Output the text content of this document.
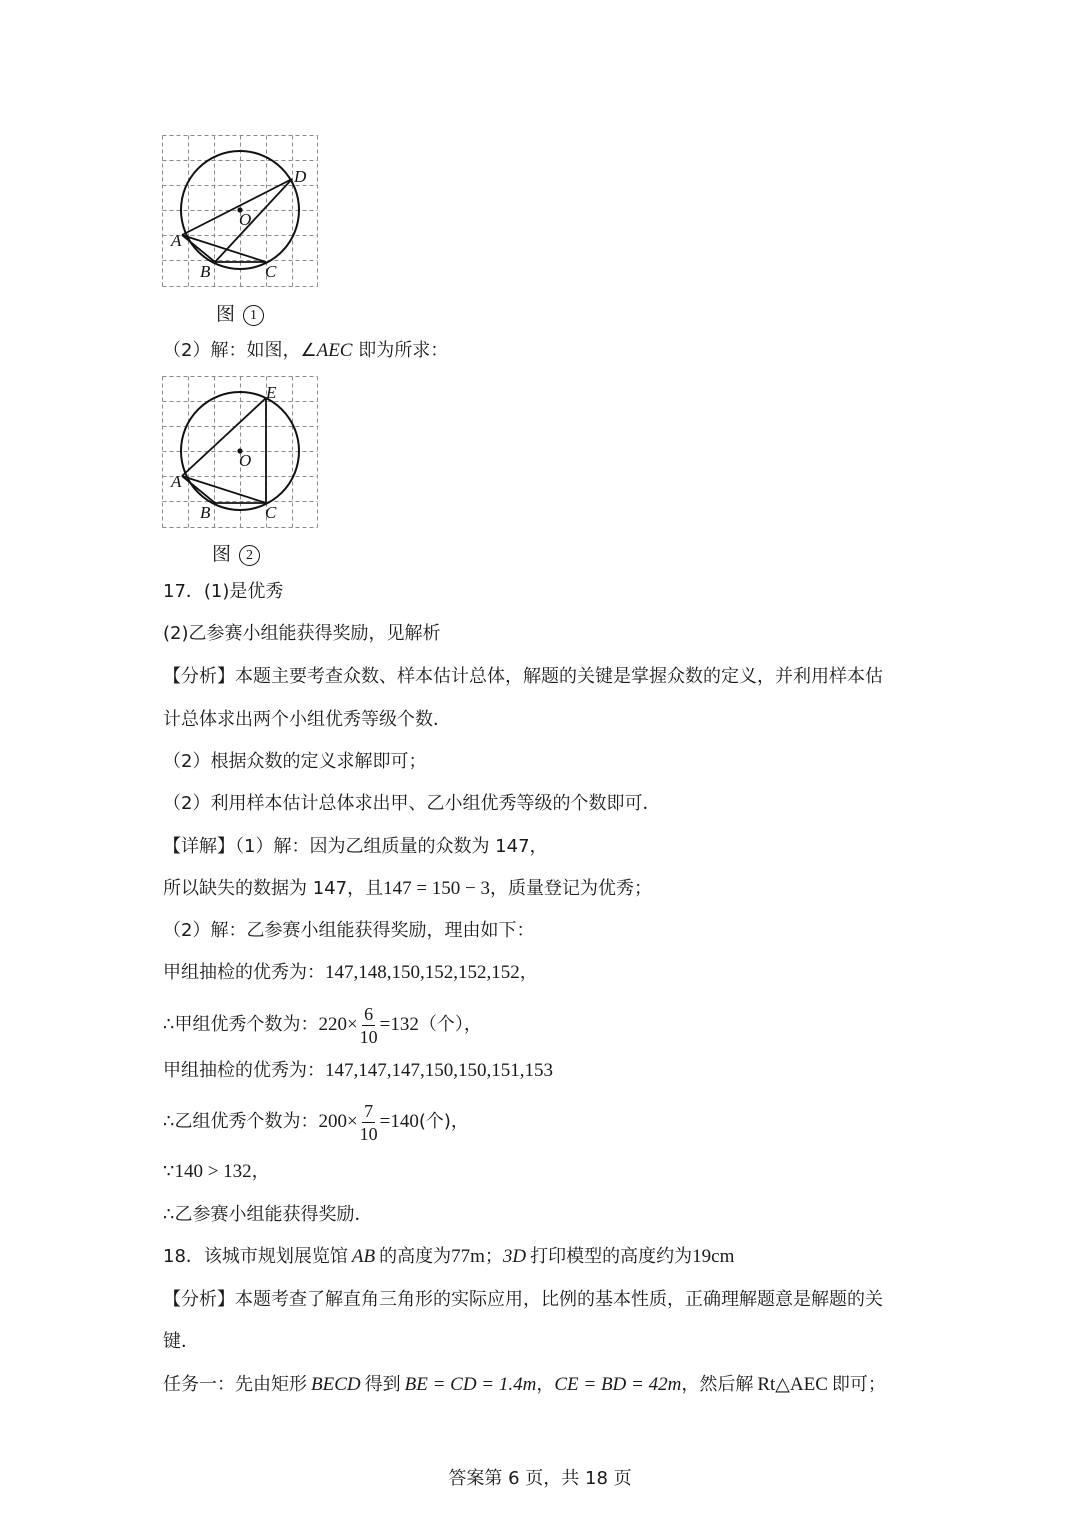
D
O
A
B	C
图 1
（2）解：如图，∠AEC 即为所求：
E
O
A
B	C
图 2
17．(1)是优秀
(2)乙参赛小组能获得奖励，见解析
【分析】本题主要考查众数、样本估计总体，解题的关键是掌握众数的定义，并利用样本估
计总体求出两个小组优秀等级个数．
（2）根据众数的定义求解即可；
（2）利用样本估计总体求出甲、乙小组优秀等级的个数即可．
【详解】（1）解：因为乙组质量的众数为 147，
所以缺失的数据为 147，且147 = 150 − 3，质量登记为优秀；
（2）解：乙参赛小组能获得奖励，理由如下：
甲组抽检的优秀为：147,148,150,152,152,152，
∴甲组优秀个数为：$220\times \frac{6}{10} =132$（个），
甲组抽检的优秀为：147,147,147,150,150,151,153
∴乙组优秀个数为：$200\times \frac{7}{10} =140$(个)，
∵140 > 132，
∴乙参赛小组能获得奖励．
18．该城市规划展览馆 AB 的高度为77m；3D 打印模型的高度约为19cm
【分析】本题考查了解直角三角形的实际应用，比例的基本性质，正确理解题意是解题的关
键．
任务一：先由矩形 BECD 得到 BE = CD = 1.4m，CE = BD = 42m，然后解 Rt△AEC 即可；
答案第 6 页，共 18 页
